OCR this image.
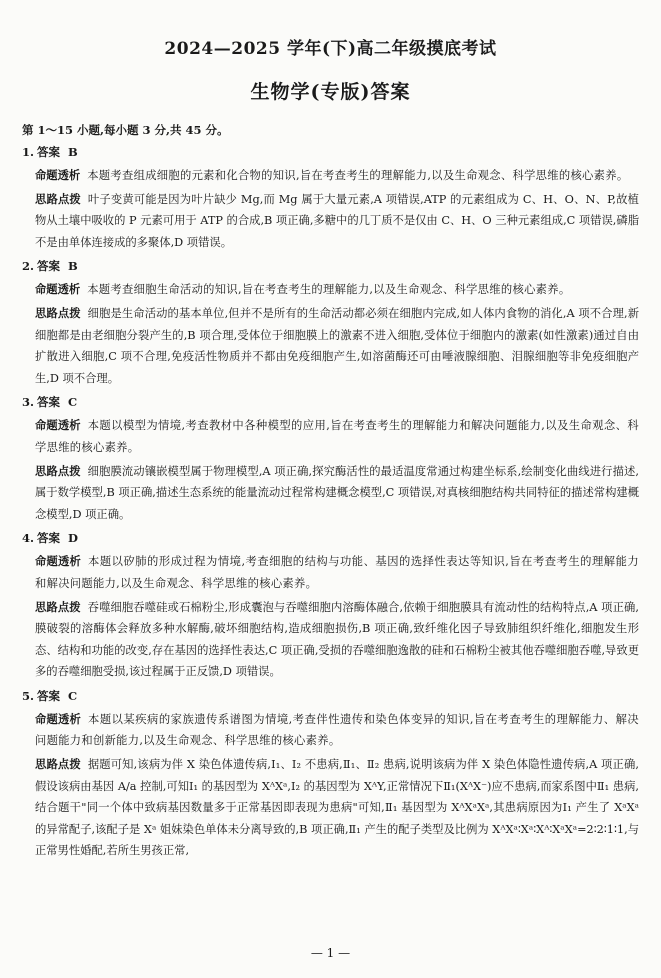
2024—2025 学年(下)高二年级摸底考试
生物学(专版)答案

第 1～15 小题,每小题 3 分,共 45 分。

1. 答案 B

命题透析 本题考查组成细胞的元素和化合物的知识,旨在考查考生的理解能力,以及生命观念、科学思维的核心素养。

思路点拨 叶子变黄可能是因为叶片缺少 Mg,而 Mg 属于大量元素,A 项错误,ATP 的元素组成为 C、H、O、N、P,故植物从土壤中吸收的 P 元素可用于 ATP 的合成,B 项正确,多糖中的几丁质不是仅由 C、H、O 三种元素组成,C 项错误,磷脂不是由单体连接成的多聚体,D 项错误。

2. 答案 B

命题透析 本题考查细胞生命活动的知识,旨在考查考生的理解能力,以及生命观念、科学思维的核心素养。

思路点拨 细胞是生命活动的基本单位,但并不是所有的生命活动都必须在细胞内完成,如人体内食物的消化,A 项不合理,新细胞都是由老细胞分裂产生的,B 项合理,受体位于细胞膜上的激素不进入细胞,受体位于细胞内的激素(如性激素)通过自由扩散进入细胞,C 项不合理,免疫活性物质并不都由免疫细胞产生,如溶菌酶还可由唾液腺细胞、泪腺细胞等非免疫细胞产生,D 项不合理。

3. 答案 C

命题透析 本题以模型为情境,考查教材中各种模型的应用,旨在考查考生的理解能力和解决问题能力,以及生命观念、科学思维的核心素养。

思路点拨 细胞膜流动镶嵌模型属于物理模型,A 项正确,探究酶活性的最适温度常通过构建坐标系,绘制变化曲线进行描述,属于数学模型,B 项正确,描述生态系统的能量流动过程常构建概念模型,C 项错误,对真核细胞结构共同特征的描述常构建概念模型,D 项正确。

4. 答案 D

命题透析 本题以矽肺的形成过程为情境,考查细胞的结构与功能、基因的选择性表达等知识,旨在考查考生的理解能力和解决问题能力,以及生命观念、科学思维的核心素养。

思路点拨 吞噬细胞吞噬硅或石棉粉尘,形成囊泡与吞噬细胞内溶酶体融合,依赖于细胞膜具有流动性的结构特点,A 项正确,膜破裂的溶酶体会释放多种水解酶,破坏细胞结构,造成细胞损伤,B 项正确,致纤维化因子导致肺组织纤维化,细胞发生形态、结构和功能的改变,存在基因的选择性表达,C 项正确,受损的吞噬细胞逸散的硅和石棉粉尘被其他吞噬细胞吞噬,导致更多的吞噬细胞受损,该过程属于正反馈,D 项错误。

5. 答案 C

命题透析 本题以某疾病的家族遗传系谱图为情境,考查伴性遗传和染色体变异的知识,旨在考查考生的理解能力、解决问题能力和创新能力,以及生命观念、科学思维的核心素养。

思路点拨 据题可知,该病为伴 X 染色体遗传病,Ⅰ₁、Ⅰ₂ 不患病,Ⅱ₁、Ⅱ₂ 患病,说明该病为伴 X 染色体隐性遗传病,A 项正确,假设该病由基因 A/a 控制,可知Ⅰ₁ 的基因型为 XᴬXᵃ,Ⅰ₂ 的基因型为 XᴬY,正常情况下Ⅱ₁(XᴬX⁻)应不患病,而家系图中Ⅱ₁ 患病,结合题干"同一个体中致病基因数量多于正常基因即表现为患病"可知,Ⅱ₁ 基因型为 XᴬXᵃXᵃ,其患病原因为Ⅰ₁ 产生了 XᵃXᵃ 的异常配子,该配子是 Xᵃ 姐妹染色单体未分离导致的,B 项正确,Ⅱ₁ 产生的配子类型及比例为 XᴬXᵃ∶Xᵃ∶Xᴬ∶XᵃXᵃ=2∶2∶1∶1,与正常男性婚配,若所生男孩正常,

— 1 —
